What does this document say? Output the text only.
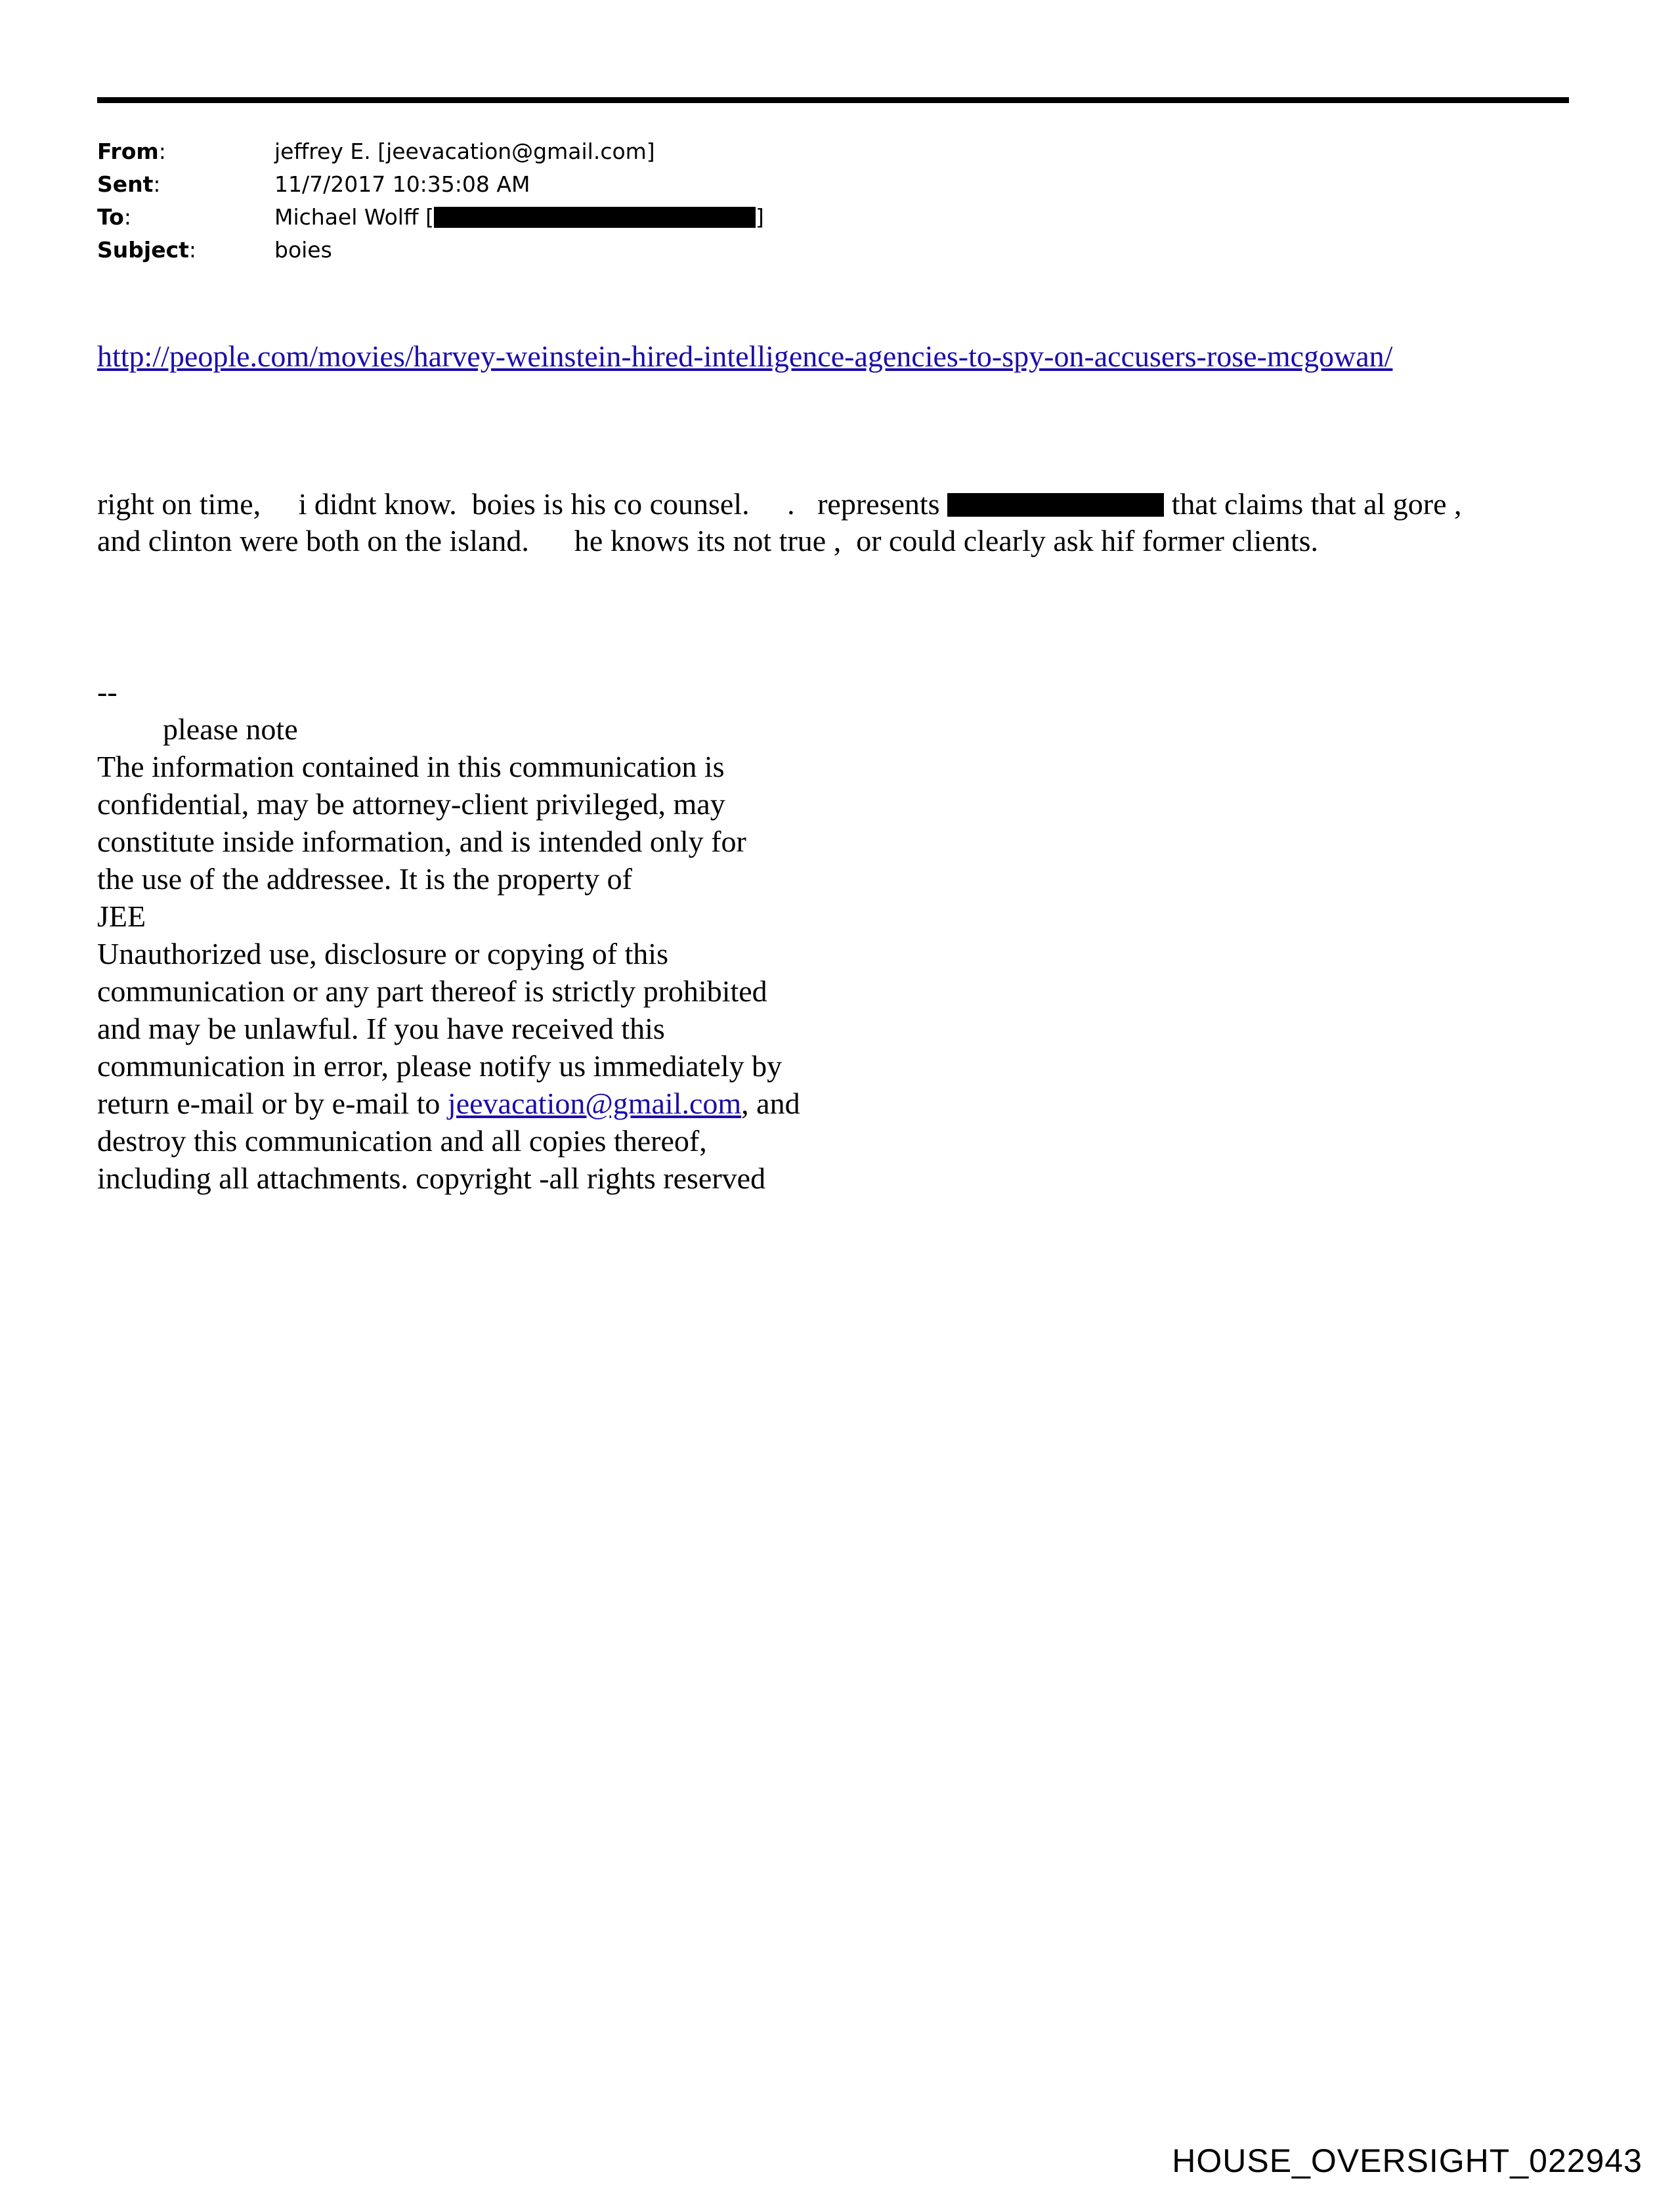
From:	jeffrey E. [jeevacation@gmail.com]
Sent:	11/7/2017 10:35:08 AM
To:	Michael Wolff [	]
Subject:	boies
http://people.com/movies/harvey-weinstein-hired-intelligence-agencies-to-spy-on-accusers-rose-mcgowan/
right on time,     i didnt know.  boies is his co counsel.     .   represents	that claims that al gore ,
and clinton were both on the island.      he knows its not true ,  or could clearly ask hif former clients.
--
please note
The information contained in this communication is
confidential, may be attorney-client privileged, may
constitute inside information, and is intended only for
the use of the addressee. It is the property of
JEE
Unauthorized use, disclosure or copying of this
communication or any part thereof is strictly prohibited
and may be unlawful. If you have received this
communication in error, please notify us immediately by
return e-mail or by e-mail to jeevacation@gmail.com, and
destroy this communication and all copies thereof,
including all attachments. copyright -all rights reserved
HOUSE_OVERSIGHT_022943
